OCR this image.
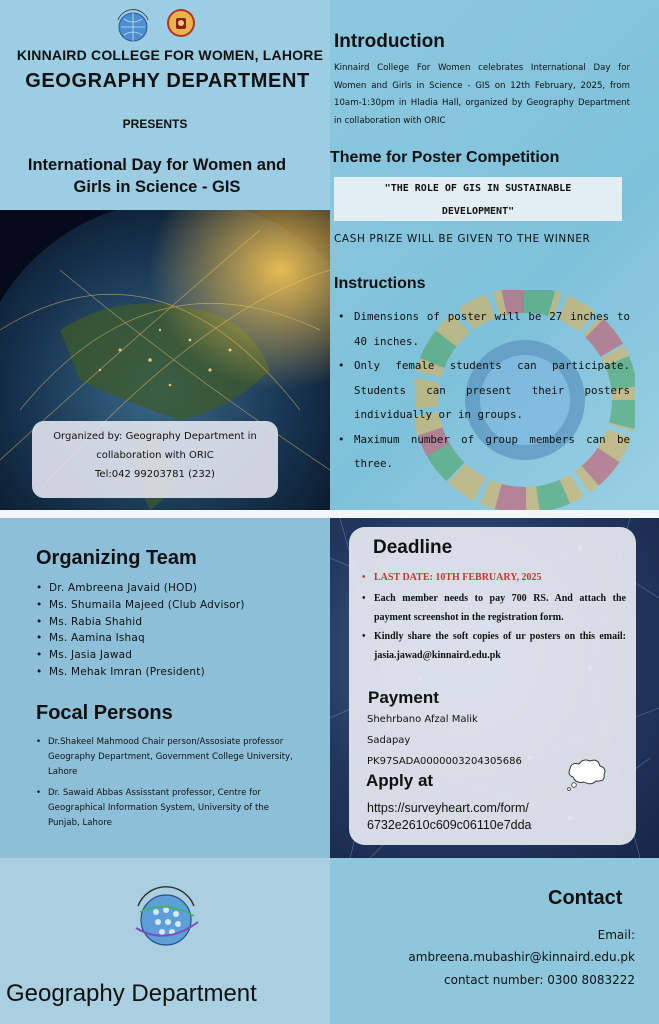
KINNAIRD COLLEGE FOR WOMEN, LAHORE
GEOGRAPHY DEPARTMENT
PRESENTS
International Day for Women and
Girls in Science - GIS
Organized by: Geography Department in
collaboration with ORIC
Tel:042 99203781 (232)
Introduction
Kinnaird College For Women celebrates International Day for Women and Girls in Science - GIS on 12th February, 2025, from 10am-1:30pm in Hladia Hall, organized by Geography Department in collaboration with ORIC
Theme for Poster Competition
"THE ROLE OF GIS IN SUSTAINABLE
DEVELOPMENT"
CASH PRIZE WILL BE GIVEN TO THE WINNER
Instructions
• Dimensions of poster will be 27 inches to 40 inches.
• Only female students can participate. Students can present their posters individually or in groups.
• Maximum number of group members can be three.
Organizing Team
• Dr. Ambreena Javaid (HOD)
• Ms. Shumaila Majeed (Club Advisor)
• Ms. Rabia Shahid
• Ms. Aamina Ishaq
• Ms. Jasia Jawad
• Ms. Mehak Imran (President)
Focal Persons
• Dr.Shakeel Mahmood Chair person/Assosiate professor Geography Department, Government College University, Lahore
• Dr. Sawaid Abbas Assisstant professor, Centre for Geographical Information System, University of the Punjab, Lahore
Deadline
• LAST DATE: 10TH FEBRUARY, 2025
• Each member needs to pay 700 RS. And attach the payment screenshot in the registration form.
• Kindly share the soft copies of ur posters on this email: jasia.jawad@kinnaird.edu.pk
Payment
Shehrbano Afzal Malik
Sadapay
PK97SADA0000003204305686
Apply at
https://surveyheart.com/form/
6732e2610c609c06110e7dda
Geography Department
Contact
Email:
ambreena.mubashir@kinnaird.edu.pk
contact number: 0300 8083222
